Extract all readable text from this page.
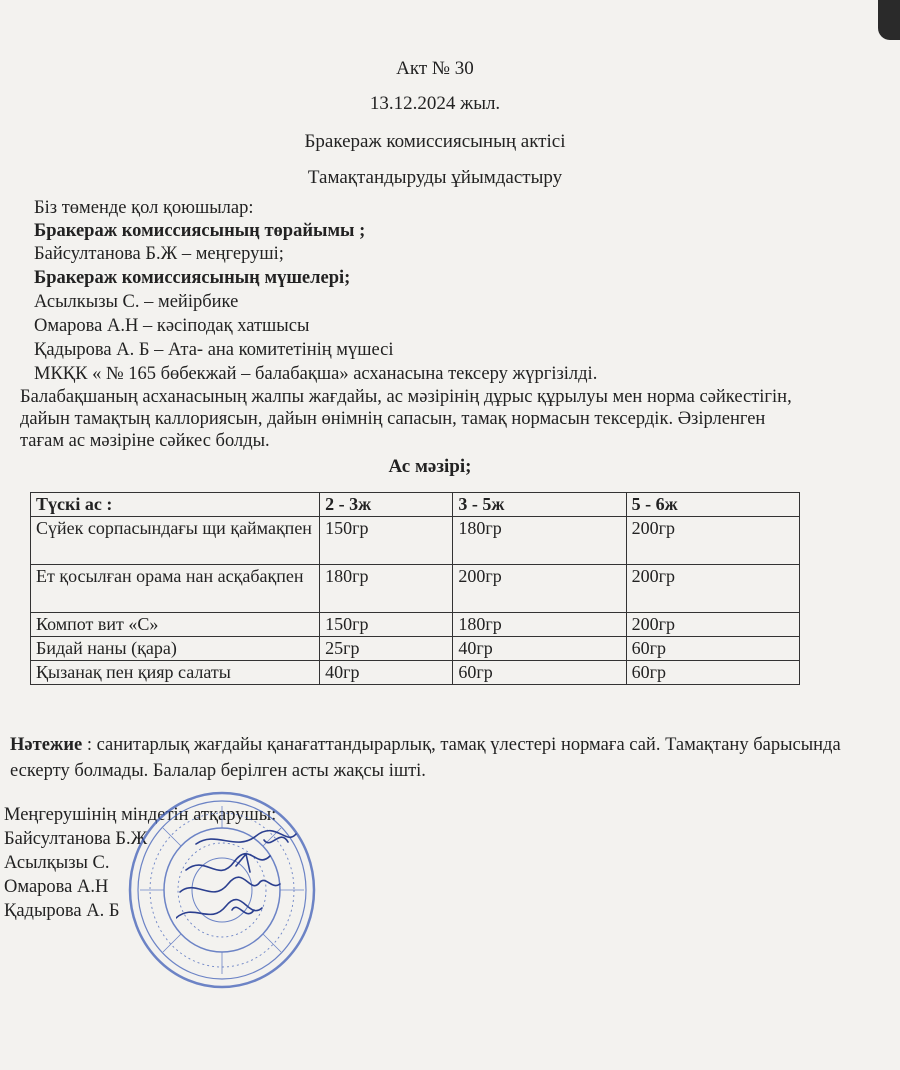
Акт № 30
13.12.2024 жыл.
Бракераж комиссиясының актісі
Тамақтандыруды ұйымдастыру
Біз төменде қол қоюшылар:
Бракераж комиссиясының төрайымы ;
Байсултанова Б.Ж – меңгеруші;
Бракераж комиссиясының мүшелері;
Асылкызы С. – мейірбике
Омарова А.Н – кәсіподақ хатшысы
Қадырова А. Б – Ата- ана комитетінің мүшесі
МКҚК « № 165 бөбекжай – балабақша» асханасына тексеру жүргізілді.
Балабақшаның асханасының жалпы жағдайы, ас мәзірінің дұрыс құрылуы мен норма сәйкестігін, дайын тамақтың каллориясын, дайын өнімнің сапасын, тамақ нормасын тексердік. Әзірленген тағам ас мәзіріне сәйкес болды.
Ас мәзірі;
Түскі ас :	2 - 3ж	3 - 5ж	5 - 6ж
Сүйек сорпасындағы щи қаймақпен	150гр	180гр	200гр
Ет қосылған орама нан асқабақпен	180гр	200гр	200гр
Компот вит «С»	150гр	180гр	200гр
Бидай наны (қара)	25гр	40гр	60гр
Қызанақ пен қияр салаты	40гр	60гр	60гр
Нәтежие : санитарлық жағдайы қанағаттандырарлық, тамақ үлестері нормаға сай. Тамақтану барысында ескерту болмады. Балалар берілген асты жақсы ішті.
Меңгерушінің міндетін атқарушы:
Байсултанова Б.Ж
Асылқызы С.
Омарова А.Н
Қадырова А. Б
